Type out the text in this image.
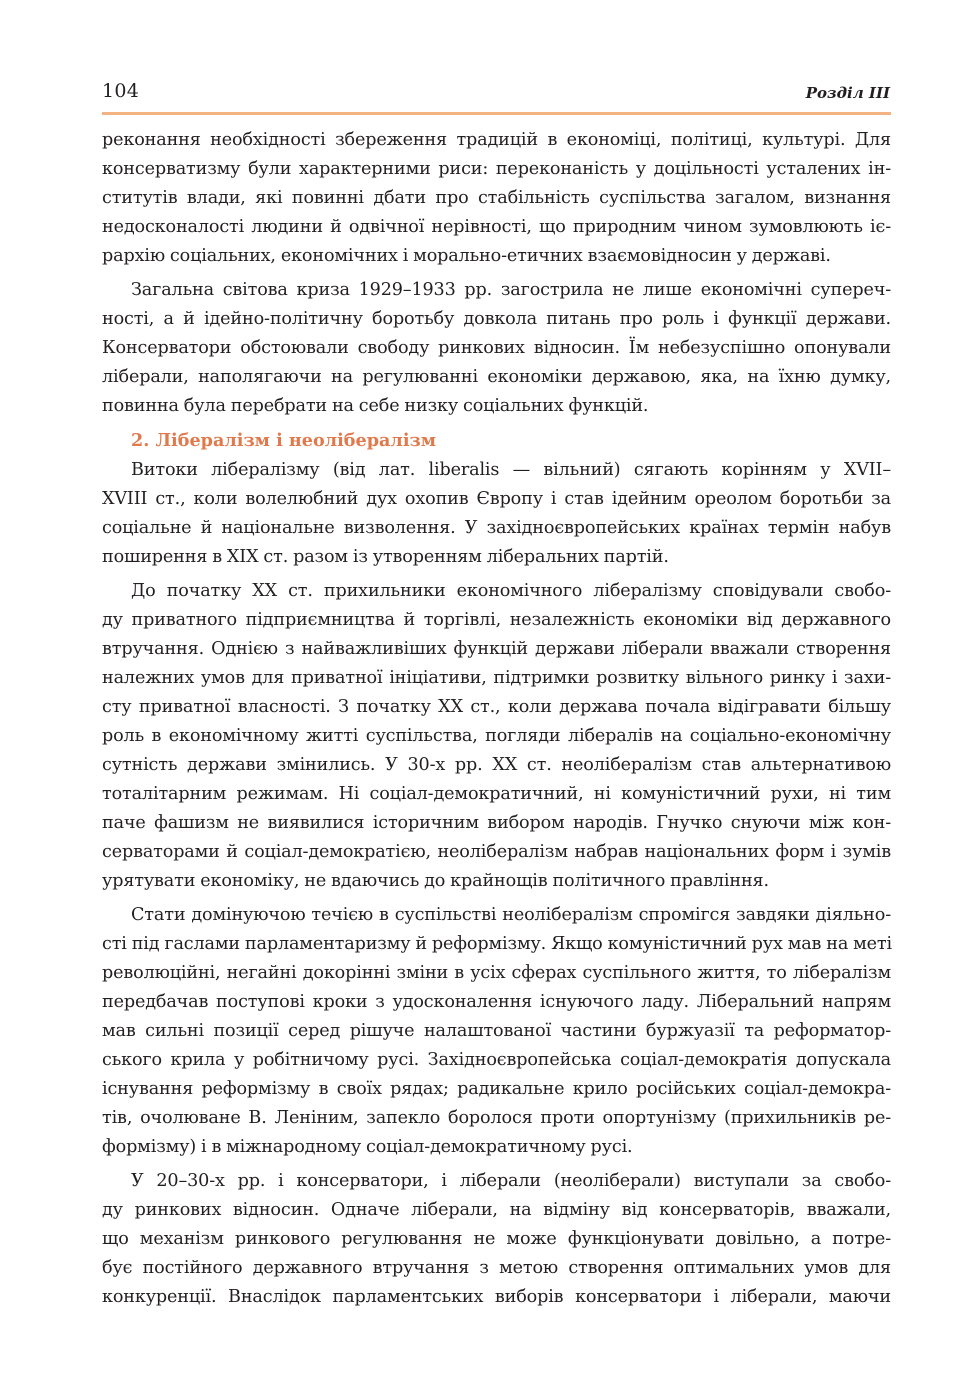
104	Розділ III

реконання необхідності збереження традицій в економіці, політиці, культурі. Для

консерватизму були характерними риси: переконаність у доцільності усталених ін-

ститутів влади, які повинні дбати про стабільність суспільства загалом, визнання

недосконалості людини й одвічної нерівності, що природним чином зумовлюють іє-

рархію соціальних, економічних і морально-етичних взаємовідносин у державі.

Загальна світова криза 1929–1933 рр. загострила не лише економічні супереч-

ності, а й ідейно-політичну боротьбу довкола питань про роль і функції держави.

Консерватори обстоювали свободу ринкових відносин. Їм небезуспішно опонували

ліберали, наполягаючи на регулюванні економіки державою, яка, на їхню думку,

повинна була перебрати на себе низку соціальних функцій.

2. Лібералізм і неолібералізм

Витоки лібералізму (від лат. liberalis — вільний) сягають корінням у XVII–

XVIII ст., коли волелюбний дух охопив Європу і став ідейним ореолом боротьби за

соціальне й національне визволення. У західноєвропейських країнах термін набув

поширення в XIX ст. разом із утворенням ліберальних партій.

До початку XX ст. прихильники економічного лібералізму сповідували свобо-

ду приватного підприємництва й торгівлі, незалежність економіки від державного

втручання. Однією з найважливіших функцій держави ліберали вважали створення

належних умов для приватної ініціативи, підтримки розвитку вільного ринку і захи-

сту приватної власності. З початку XX ст., коли держава почала відігравати більшу

роль в економічному житті суспільства, погляди лібералів на соціально-економічну

сутність держави змінились. У 30-х рр. XX ст. неолібералізм став альтернативою

тоталітарним режимам. Ні соціал-демократичний, ні комуністичний рухи, ні тим

паче фашизм не виявилися історичним вибором народів. Гнучко снуючи між кон-

серваторами й соціал-демократією, неолібералізм набрав національних форм і зумів

урятувати економіку, не вдаючись до крайнощів політичного правління.

Стати домінуючою течією в суспільстві неолібералізм спромігся завдяки діяльно-

сті під гаслами парламентаризму й реформізму. Якщо комуністичний рух мав на меті

революційні, негайні докорінні зміни в усіх сферах суспільного життя, то лібералізм

передбачав поступові кроки з удосконалення існуючого ладу. Ліберальний напрям

мав сильні позиції серед рішуче налаштованої частини буржуазії та реформатор-

ського крила у робітничому русі. Західноєвропейська соціал-демократія допускала

існування реформізму в своїх рядах; радикальне крило російських соціал-демокра-

тів, очолюване В. Леніним, запекло боролося проти опортунізму (прихильників ре-

формізму) і в міжнародному соціал-демократичному русі.

У 20–30-х рр. і консерватори, і ліберали (неоліберали) виступали за свобо-

ду ринкових відносин. Одначе ліберали, на відміну від консерваторів, вважали,

що механізм ринкового регулювання не може функціонувати довільно, а потре-

бує постійного державного втручання з метою створення оптимальних умов для

конкуренції. Внаслідок парламентських виборів консерватори і ліберали, маючи
